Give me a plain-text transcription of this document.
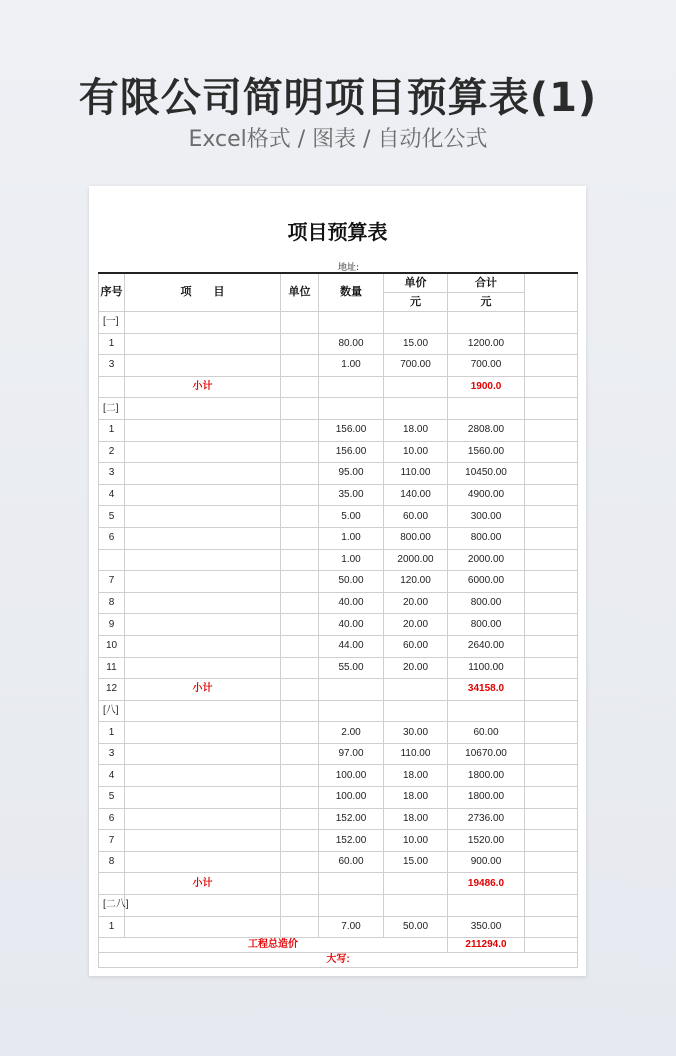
有限公司简明项目预算表(1)
Excel格式 / 图表 / 自动化公式
项目预算表
地址:
序号	项　　目	单位	数量	单价	合计	
				元	元	
[一]						
1			80.00	15.00	1200.00	
3			1.00	700.00	700.00	
	小计				1900.0	
[二]						
1			156.00	18.00	2808.00	
2			156.00	10.00	1560.00	
3			95.00	110.00	10450.00	
4			35.00	140.00	4900.00	
5			5.00	60.00	300.00	
6			1.00	800.00	800.00	
			1.00	2000.00	2000.00	
7			50.00	120.00	6000.00	
8			40.00	20.00	800.00	
9			40.00	20.00	800.00	
10			44.00	60.00	2640.00	
11			55.00	20.00	1100.00	
12	小计				34158.0	
[八]						
1			2.00	30.00	60.00	
3			97.00	110.00	10670.00	
4			100.00	18.00	1800.00	
5			100.00	18.00	1800.00	
6			152.00	18.00	2736.00	
7			152.00	10.00	1520.00	
8			60.00	15.00	900.00	
	小计				19486.0	
[二八]						
1			7.00	50.00	350.00	
工程总造价					211294.0	
大写:						
